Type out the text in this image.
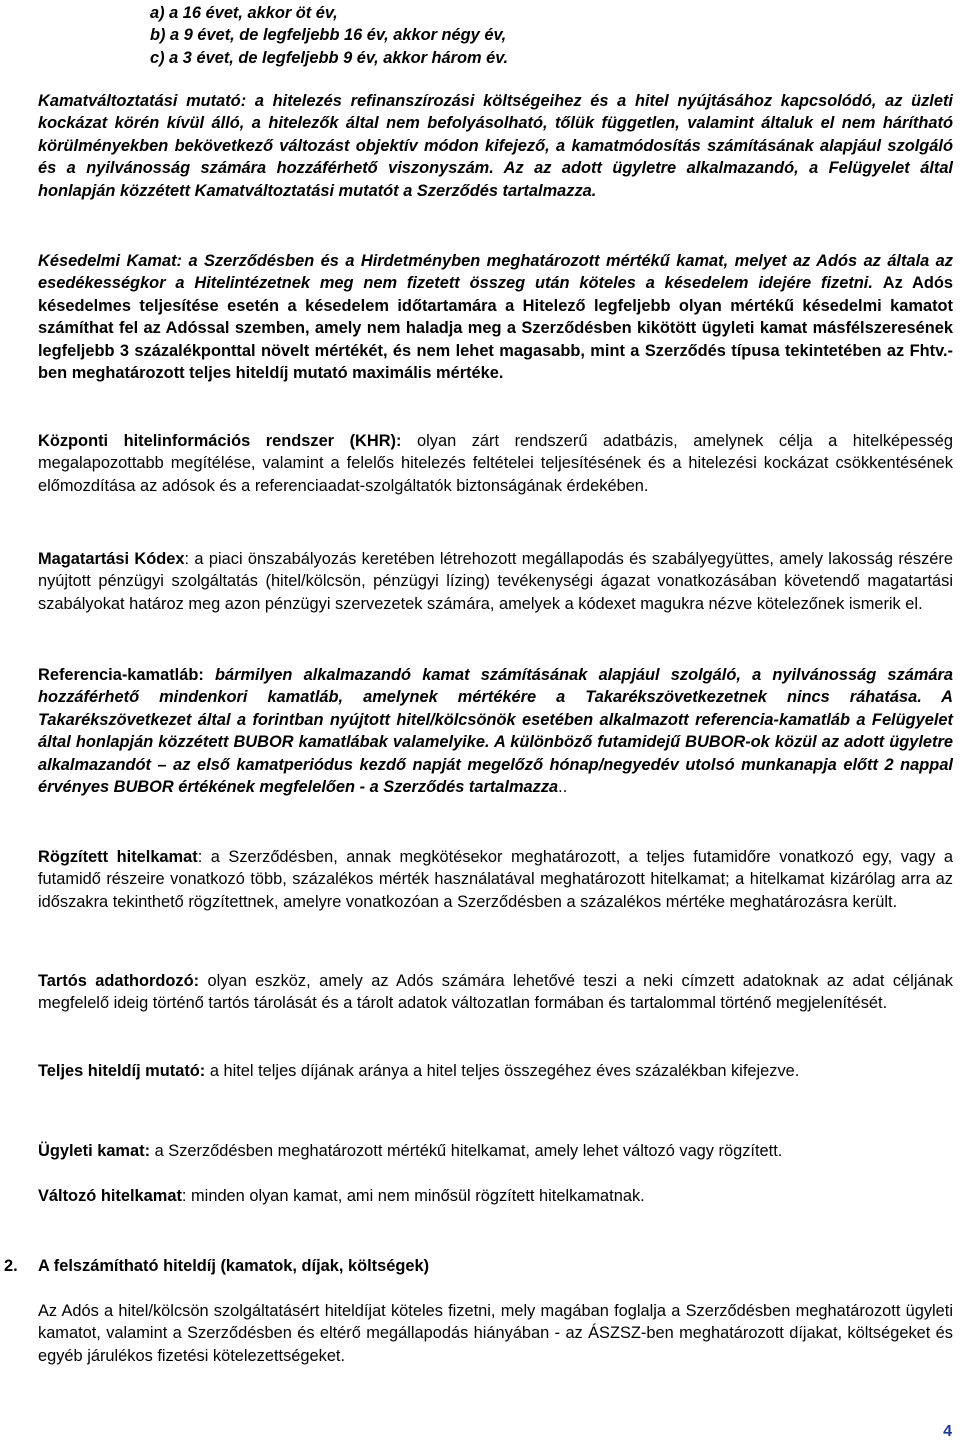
a) a 16 évet, akkor öt év,
b) a 9 évet, de legfeljebb 16 év, akkor négy év,
c) a 3 évet, de legfeljebb 9 év, akkor három év.

Kamatváltoztatási mutató: a hitelezés refinanszírozási költségeihez és a hitel nyújtásához kapcsolódó, az üzleti kockázat körén kívül álló, a hitelezők által nem befolyásolható, tőlük független, valamint általuk el nem hárítható körülményekben bekövetkező változást objektív módon kifejező, a kamatmódosítás számításának alapjául szolgáló és a nyilvánosság számára hozzáférhető viszonyszám. Az az adott ügyletre alkalmazandó, a Felügyelet által honlapján közzétett Kamatváltoztatási mutatót a Szerződés tartalmazza.

Késedelmi Kamat: a Szerződésben és a Hirdetményben meghatározott mértékű kamat, melyet az Adós az általa az esedékességkor a Hitelintézetnek meg nem fizetett összeg után köteles a késedelem idejére fizetni. Az Adós késedelmes teljesítése esetén a késedelem időtartamára a Hitelező legfeljebb olyan mértékű késedelmi kamatot számíthat fel az Adóssal szemben, amely nem haladja meg a Szerződésben kikötött ügyleti kamat másfélszeresének legfeljebb 3 százalékponttal növelt mértékét, és nem lehet magasabb, mint a Szerződés típusa tekintetében az Fhtv.-ben meghatározott teljes hiteldíj mutató maximális mértéke.

Központi hitelinformációs rendszer (KHR): olyan zárt rendszerű adatbázis, amelynek célja a hitelképesség megalapozottabb megítélése, valamint a felelős hitelezés feltételei teljesítésének és a hitelezési kockázat csökkentésének előmozdítása az adósok és a referenciaadat-szolgáltatók biztonságának érdekében.

Magatartási Kódex: a piaci önszabályozás keretében létrehozott megállapodás és szabályegyüttes, amely lakosság részére nyújtott pénzügyi szolgáltatás (hitel/kölcsön, pénzügyi lízing) tevékenységi ágazat vonatkozásában követendő magatartási szabályokat határoz meg azon pénzügyi szervezetek számára, amelyek a kódexet magukra nézve kötelezőnek ismerik el.

Referencia-kamatláb: bármilyen alkalmazandó kamat számításának alapjául szolgáló, a nyilvánosság számára hozzáférhető mindenkori kamatláb, amelynek mértékére a Takarékszövetkezetnek nincs ráhatása. A Takarékszövetkezet által a forintban nyújtott hitel/kölcsönök esetében alkalmazott referencia-kamatláb a Felügyelet által honlapján közzétett BUBOR kamatlábak valamelyike. A különböző futamidejű BUBOR-ok közül az adott ügyletre alkalmazandót – az első kamatperiódus kezdő napját megelőző hónap/negyedév utolsó munkanapja előtt 2 nappal érvényes BUBOR értékének megfelelően - a Szerződés tartalmazza..

Rögzített hitelkamat: a Szerződésben, annak megkötésekor meghatározott, a teljes futamidőre vonatkozó egy, vagy a futamidő részeire vonatkozó több, százalékos mérték használatával meghatározott hitelkamat; a hitelkamat kizárólag arra az időszakra tekinthető rögzítettnek, amelyre vonatkozóan a Szerződésben a százalékos mértéke meghatározásra került.

Tartós adathordozó: olyan eszköz, amely az Adós számára lehetővé teszi a neki címzett adatoknak az adat céljának megfelelő ideig történő tartós tárolását és a tárolt adatok változatlan formában és tartalommal történő megjelenítését.

Teljes hiteldíj mutató: a hitel teljes díjának aránya a hitel teljes összegéhez éves százalékban kifejezve.

Ügyleti kamat: a Szerződésben meghatározott mértékű hitelkamat, amely lehet változó vagy rögzített.

Változó hitelkamat: minden olyan kamat, ami nem minősül rögzített hitelkamatnak.

2. A felszámítható hiteldíj (kamatok, díjak, költségek)

Az Adós a hitel/kölcsön szolgáltatásért hiteldíjat köteles fizetni, mely magában foglalja a Szerződésben meghatározott ügyleti kamatot, valamint a Szerződésben és eltérő megállapodás hiányában - az ÁSZSZ-ben meghatározott díjakat, költségeket és egyéb járulékos fizetési kötelezettségeket.

4
